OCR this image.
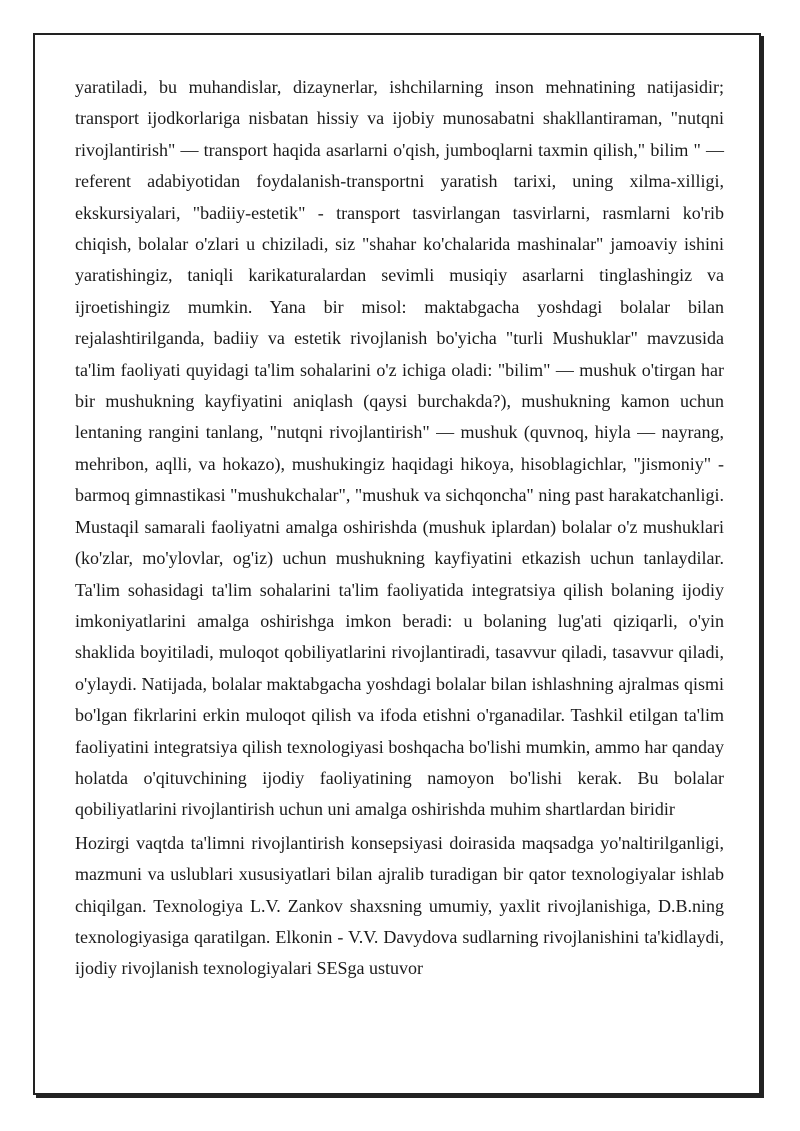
yaratiladi, bu muhandislar, dizaynerlar, ishchilarning inson mehnatining natijasidir; transport ijodkorlariga nisbatan hissiy va ijobiy munosabatni shakllantiraman, "nutqni rivojlantirish" — transport haqida asarlarni o'qish, jumboqlarni taxmin qilish," bilim " — referent adabiyotidan foydalanish-transportni yaratish tarixi, uning xilma-xilligi, ekskursiyalari, "badiiy-estetik" - transport tasvirlangan tasvirlarni, rasmlarni ko'rib chiqish, bolalar o'zlari u chiziladi, siz "shahar ko'chalarida mashinalar" jamoaviy ishini yaratishingiz, taniqli karikaturalardan sevimli musiqiy asarlarni tinglashingiz va ijroetishingiz mumkin. Yana bir misol: maktabgacha yoshdagi bolalar bilan rejalashtirilganda, badiiy va estetik rivojlanish bo'yicha "turli Mushuklar" mavzusida ta'lim faoliyati quyidagi ta'lim sohalarini o'z ichiga oladi: "bilim" — mushuk o'tirgan har bir mushukning kayfiyatini aniqlash (qaysi burchakda?), mushukning kamon uchun lentaning rangini tanlang, "nutqni rivojlantirish" — mushuk (quvnoq, hiyla — nayrang, mehribon, aqlli, va hokazo), mushukingiz haqidagi hikoya, hisoblagichlar, "jismoniy" - barmoq gimnastikasi "mushukchalar", "mushuk va sichqoncha" ning past harakatchanligi. Mustaqil samarali faoliyatni amalga oshirishda (mushuk iplardan) bolalar o'z mushuklari (ko'zlar, mo'ylovlar, og'iz) uchun mushukning kayfiyatini etkazish uchun tanlaydilar. Ta'lim sohasidagi ta'lim sohalarini ta'lim faoliyatida integratsiya qilish bolaning ijodiy imkoniyatlarini amalga oshirishga imkon beradi: u bolaning lug'ati qiziqarli, o'yin shaklida boyitiladi, muloqot qobiliyatlarini rivojlantiradi, tasavvur qiladi, tasavvur qiladi, o'ylaydi. Natijada, bolalar maktabgacha yoshdagi bolalar bilan ishlashning ajralmas qismi bo'lgan fikrlarini erkin muloqot qilish va ifoda etishni o'rganadilar. Tashkil etilgan ta'lim faoliyatini integratsiya qilish texnologiyasi boshqacha bo'lishi mumkin, ammo har qanday holatda o'qituvchining ijodiy faoliyatining namoyon bo'lishi kerak. Bu bolalar qobiliyatlarini rivojlantirish uchun uni amalga oshirishda muhim shartlardan biridir

Hozirgi vaqtda ta'limni rivojlantirish konsepsiyasi doirasida maqsadga yo'naltirilganligi, mazmuni va uslublari xususiyatlari bilan ajralib turadigan bir qator texnologiyalar ishlab chiqilgan. Texnologiya L.V. Zankov shaxsning umumiy, yaxlit rivojlanishiga, D.B.ning texnologiyasiga qaratilgan. Elkonin - V.V. Davydova sudlarning rivojlanishini ta'kidlaydi, ijodiy rivojlanish texnologiyalari SESga ustuvor
